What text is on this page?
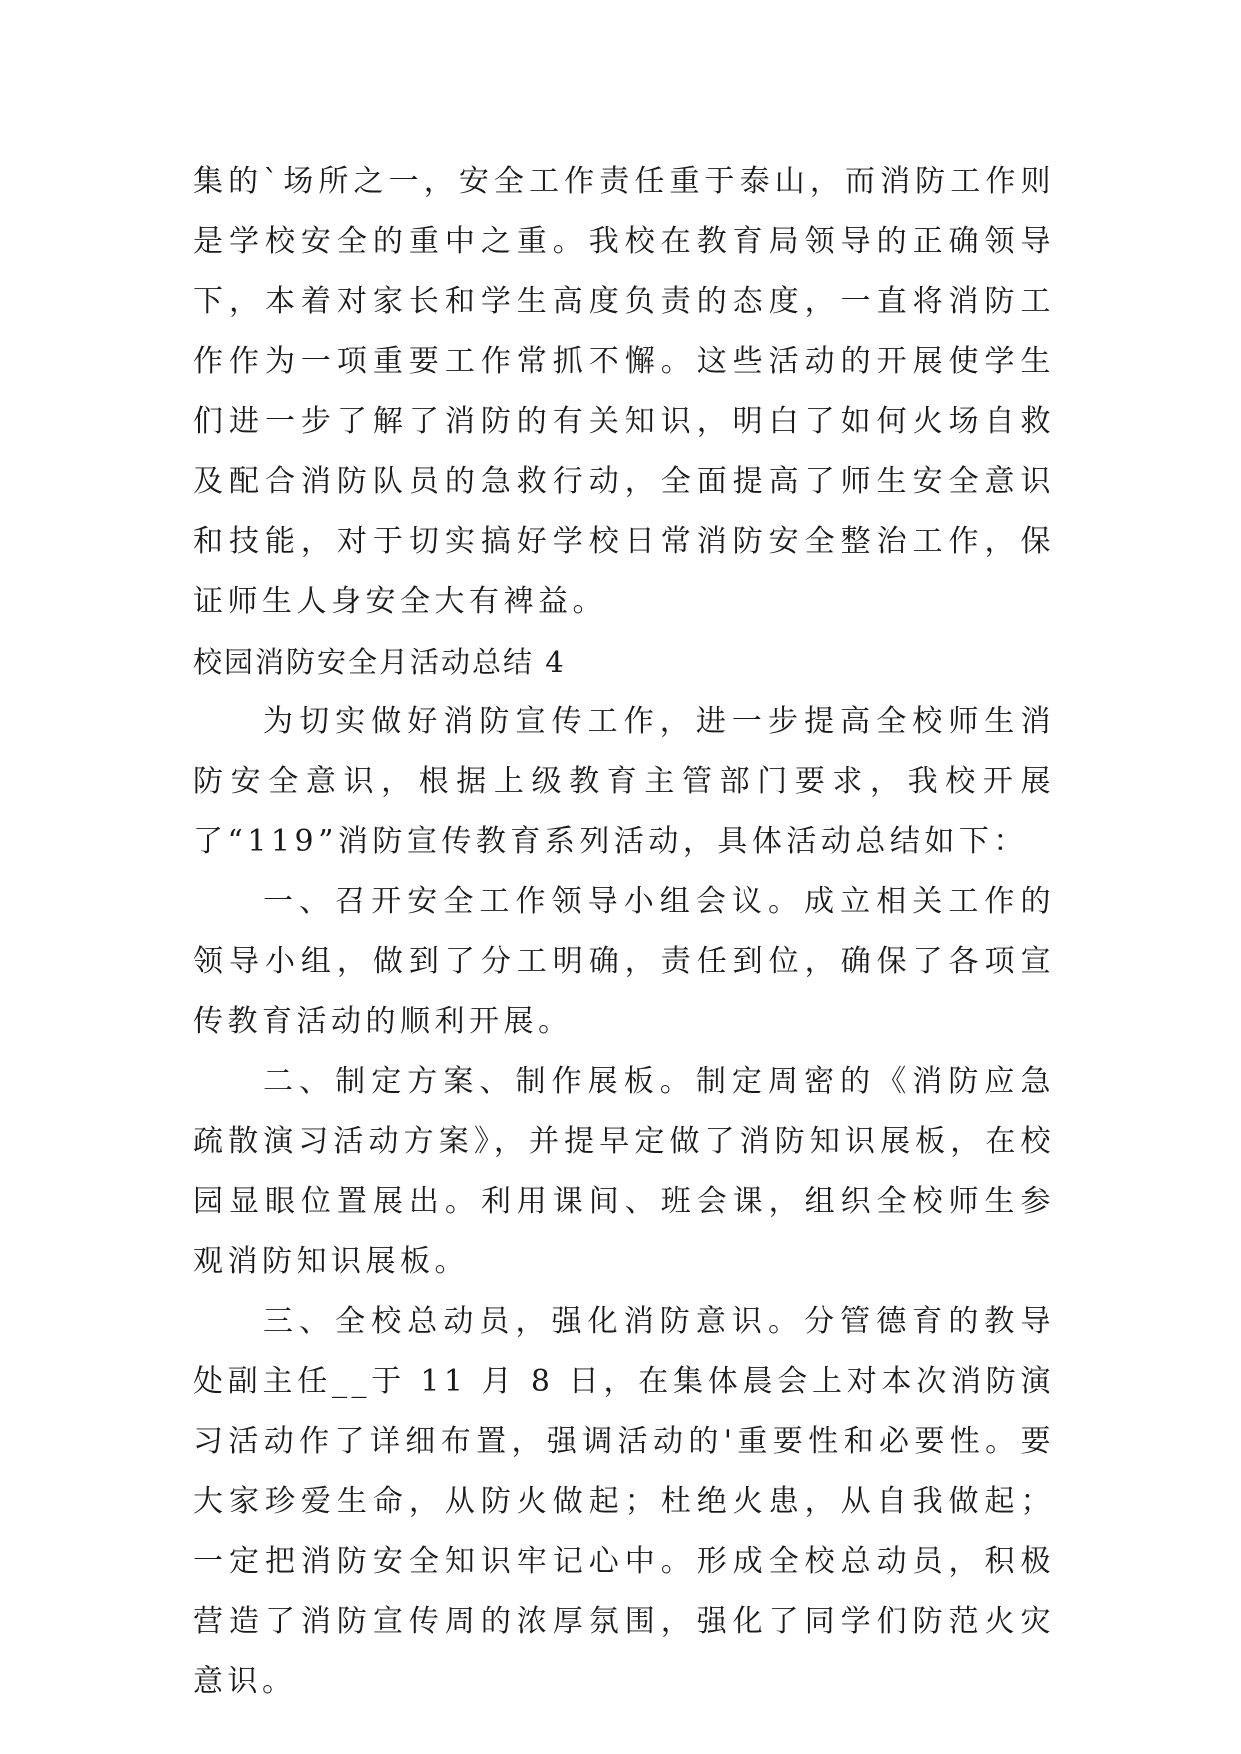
集的`场所之一，安全工作责任重于泰山，而消防工作则是学校安全的重中之重。我校在教育局领导的正确领导下，本着对家长和学生高度负责的态度，一直将消防工作作为一项重要工作常抓不懈。这些活动的开展使学生们进一步了解了消防的有关知识，明白了如何火场自救及配合消防队员的急救行动，全面提高了师生安全意识和技能，对于切实搞好学校日常消防安全整治工作，保证师生人身安全大有裨益。

校园消防安全月活动总结 4

为切实做好消防宣传工作，进一步提高全校师生消防安全意识，根据上级教育主管部门要求，我校开展了“119”消防宣传教育系列活动，具体活动总结如下：

一、召开安全工作领导小组会议。成立相关工作的领导小组，做到了分工明确，责任到位，确保了各项宣传教育活动的顺利开展。

二、制定方案、制作展板。制定周密的《消防应急疏散演习活动方案》，并提早定做了消防知识展板，在校园显眼位置展出。利用课间、班会课，组织全校师生参观消防知识展板。

三、全校总动员，强化消防意识。分管德育的教导处副主任__于 11 月 8 日，在集体晨会上对本次消防演习活动作了详细布置，强调活动的'重要性和必要性。要大家珍爱生命，从防火做起；杜绝火患，从自我做起；一定把消防安全知识牢记心中。形成全校总动员，积极营造了消防宣传周的浓厚氛围，强化了同学们防范火灾意识。
